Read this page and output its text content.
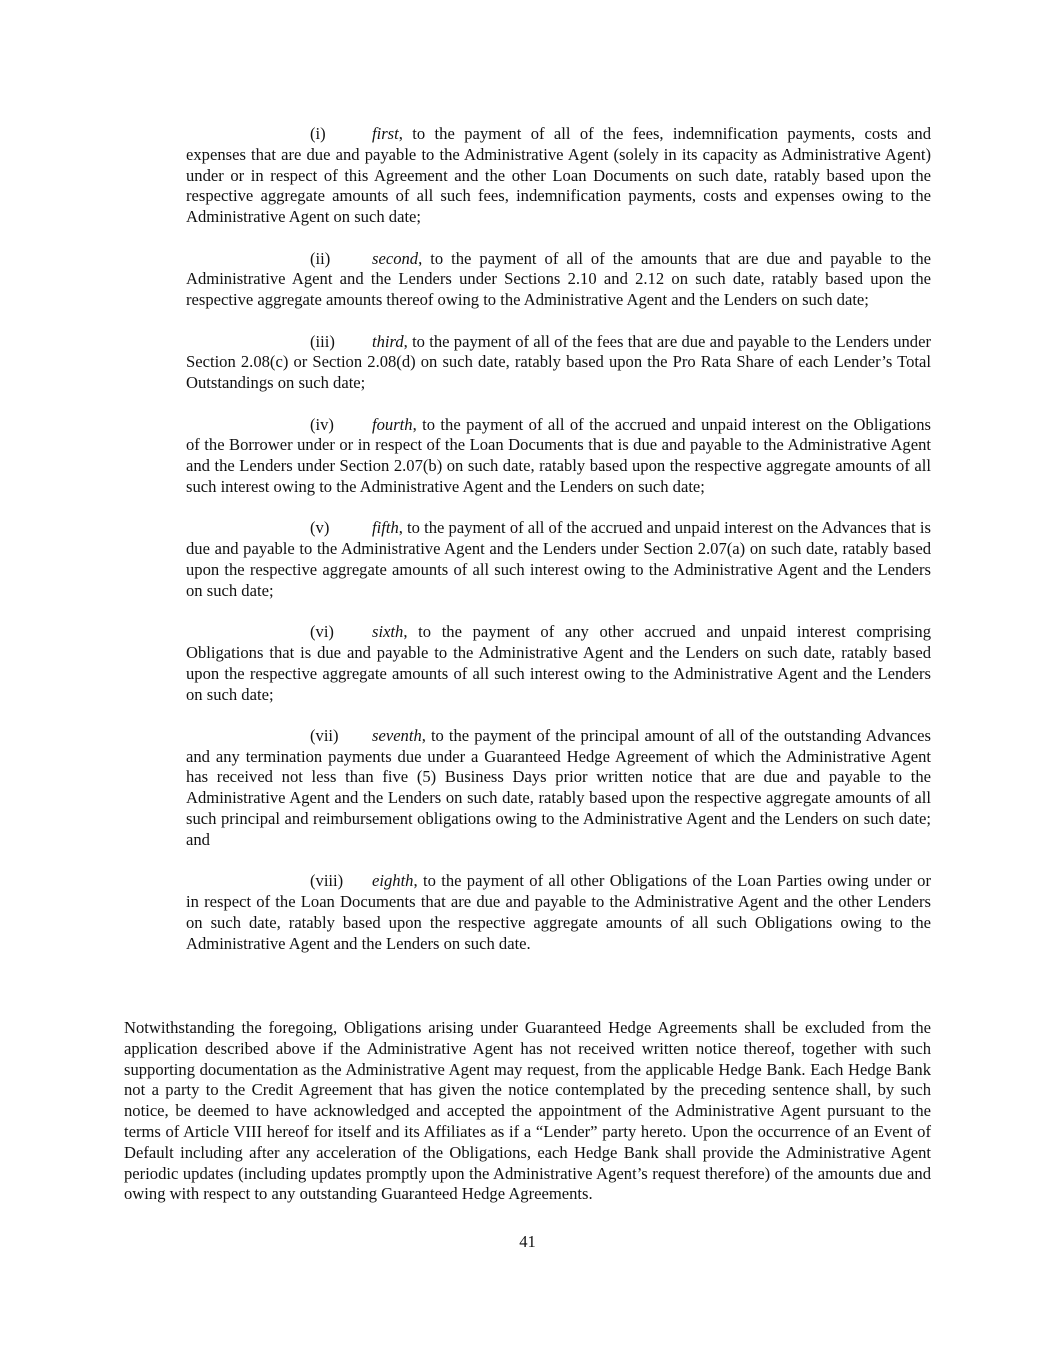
(i)	first, to the payment of all of the fees, indemnification payments, costs and expenses that are due and payable to the Administrative Agent (solely in its capacity as Administrative Agent) under or in respect of this Agreement and the other Loan Documents on such date, ratably based upon the respective aggregate amounts of all such fees, indemnification payments, costs and expenses owing to the Administrative Agent on such date;

(ii)	second, to the payment of all of the amounts that are due and payable to the Administrative Agent and the Lenders under Sections 2.10 and 2.12 on such date, ratably based upon the respective aggregate amounts thereof owing to the Administrative Agent and the Lenders on such date;

(iii) third, to the payment of all of the fees that are due and payable to the Lenders under Section 2.08(c) or Section 2.08(d) on such date, ratably based upon the Pro Rata Share of each Lender’s Total Outstandings on such date;

(iv) fourth, to the payment of all of the accrued and unpaid interest on the Obligations of the Borrower under or in respect of the Loan Documents that is due and payable to the Administrative Agent and the Lenders under Section 2.07(b) on such date, ratably based upon the respective aggregate amounts of all such interest owing to the Administrative Agent and the Lenders on such date;

(v)	fifth, to the payment of all of the accrued and unpaid interest on the Advances that is due and payable to the Administrative Agent and the Lenders under Section 2.07(a) on such date, ratably based upon the respective aggregate amounts of all such interest owing to the Administrative Agent and the Lenders on such date;

(vi) sixth, to the payment of any other accrued and unpaid interest comprising Obligations that is due and payable to the Administrative Agent and the Lenders on such date, ratably based upon the respective aggregate amounts of all such interest owing to the Administrative Agent and the Lenders on such date;

(vii) seventh, to the payment of the principal amount of all of the outstanding Advances and any termination payments due under a Guaranteed Hedge Agreement of which the Administrative Agent has received not less than five (5) Business Days prior written notice that are due and payable to the Administrative Agent and the Lenders on such date, ratably based upon the respective aggregate amounts of all such principal and reimbursement obligations owing to the Administrative Agent and the Lenders on such date; and

(viii) eighth, to the payment of all other Obligations of the Loan Parties owing under or in respect of the Loan Documents that are due and payable to the Administrative Agent and the other Lenders on such date, ratably based upon the respective aggregate amounts of all such Obligations owing to the Administrative Agent and the Lenders on such date.

Notwithstanding the foregoing, Obligations arising under Guaranteed Hedge Agreements shall be excluded from the application described above if the Administrative Agent has not received written notice thereof, together with such supporting documentation as the Administrative Agent may request, from the applicable Hedge Bank. Each Hedge Bank not a party to the Credit Agreement that has given the notice contemplated by the preceding sentence shall, by such notice, be deemed to have acknowledged and accepted the appointment of the Administrative Agent pursuant to the terms of Article VIII hereof for itself and its Affiliates as if a “Lender” party hereto. Upon the occurrence of an Event of Default including after any acceleration of the Obligations, each Hedge Bank shall provide the Administrative Agent periodic updates (including updates promptly upon the Administrative Agent’s request therefore) of the amounts due and owing with respect to any outstanding Guaranteed Hedge Agreements.

41
